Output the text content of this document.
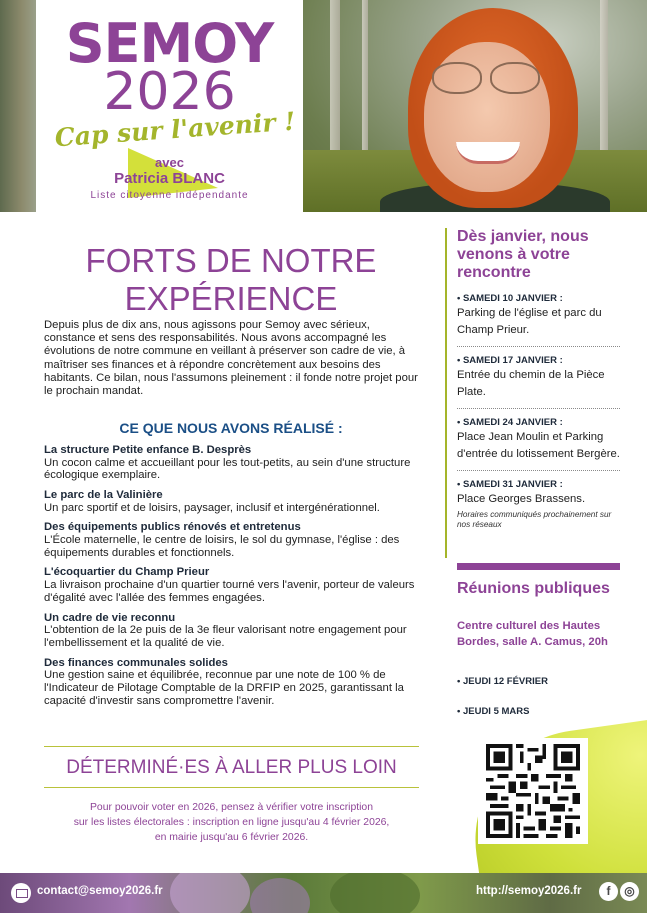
SEMOY
2026
Cap sur l'avenir !
avec
Patricia BLANC
Liste citoyenne indépendante
FORTS DE NOTRE
EXPÉRIENCE

Depuis plus de dix ans, nous agissons pour Semoy avec sérieux, constance et sens des responsabilités. Nous avons accompagné les évolutions de notre commune en veillant à préserver son cadre de vie, à maîtriser ses finances et à répondre concrètement aux besoins des habitants. Ce bilan, nous l'assumons pleinement : il fonde notre projet pour le prochain mandat.

CE QUE NOUS AVONS RÉALISÉ :
La structure Petite enfance B. Desprès
Un cocon calme et accueillant pour les tout-petits, au sein d'une structure écologique exemplaire.
Le parc de la Valinière
Un parc sportif et de loisirs, paysager, inclusif et intergénérationnel.
Des équipements publics rénovés et entretenus
L'École maternelle, le centre de loisirs, le sol du gymnase, l'église : des équipements durables et fonctionnels.
L'écoquartier du Champ Prieur
La livraison prochaine d'un quartier tourné vers l'avenir, porteur de valeurs d'égalité avec l'allée des femmes engagées.
Un cadre de vie reconnu
L'obtention de la 2e puis de la 3e fleur valorisant notre engagement pour l'embellissement et la qualité de vie.
Des finances communales solides
Une gestion saine et équilibrée, reconnue par une note de 100 % de l'Indicateur de Pilotage Comptable de la DRFIP en 2025, garantissant la capacité d'investir sans compromettre l'avenir.
DÉTERMINÉ·ES À ALLER PLUS LOIN
Pour pouvoir voter en 2026, pensez à vérifier votre inscription
sur les listes électorales : inscription en ligne jusqu'au 4 février 2026,
en mairie jusqu'au 6 février 2026.
Dès janvier, nous venons à votre rencontre
• SAMEDI 10 JANVIER :
Parking de l'église et parc du Champ Prieur.
• SAMEDI 17 JANVIER :
Entrée du chemin de la Pièce Plate.
• SAMEDI 24 JANVIER :
Place Jean Moulin et Parking d'entrée du lotissement Bergère.
• SAMEDI 31 JANVIER :
Place Georges Brassens.
Horaires communiqués prochainement sur nos réseaux
Réunions publiques
Centre culturel des Hautes Bordes, salle A. Camus, 20h
• JEUDI 12 FÉVRIER
• JEUDI 5 MARS
contact@semoy2026.fr	http://semoy2026.fr	f	◎
